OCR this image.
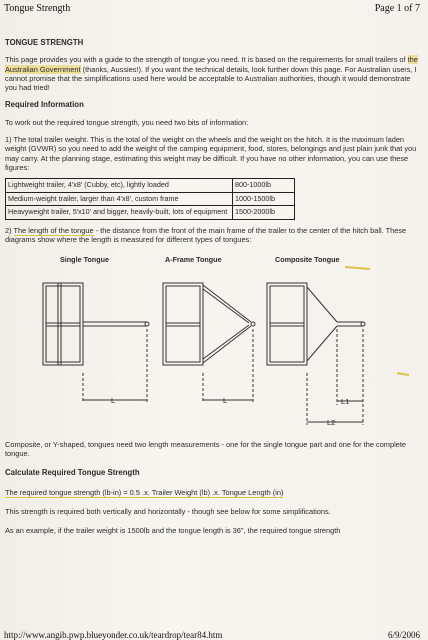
Tongue Strength	Page 1 of 7

TONGUE STRENGTH

This page provides you with a guide to the strength of tongue you need. It is based on the requirements for small trailers of the Australian Government (thanks, Aussies!). If you want the technical details, look further down this page. For Australian users, I cannot promise that the simplifications used here would be acceptable to Australian authorities, though it would demonstrate you had tried!

Required Information

To work out the required tongue strength, you need two bits of information:

1) The total trailer weight. This is the total of the weight on the wheels and the weight on the hitch. It is the maximum laden weight (GVWR) so you need to add the weight of the camping equipment, food, stores, belongings and just plain junk that you may carry. At the planning stage, estimating this weight may be difficult. If you have no other information, you can use these figures:

Lightweight trailer, 4'x8' (Cubby, etc), lightly loaded	800-1000lb
Medium-weight trailer, larger than 4'x8', custom frame	1000-1500lb
Heavyweight trailer, 5'x10' and bigger, heavily-built, lots of equipment	1500-2000lb

2) The length of the tongue - the distance from the front of the main frame of the trailer to the center of the hitch ball. These diagrams show where the length is measured for different types of tongues:

Single Tongue	A-Frame Tongue	Composite Tongue
L	L	L1
L2

Composite, or Y-shaped, tongues need two length measurements - one for the single tongue part and one for the complete tongue.

Calculate Required Tongue Strength

The required tongue strength (lb-in) = 0.5 .x. Trailer Weight (lb) .x. Tongue Length (in)

This strength is required both vertically and horizontally - though see below for some simplifications.

As an example, if the trailer weight is 1500lb and the tongue length is 36", the required tongue strength

http://www.angib.pwp.blueyonder.co.uk/teardrop/tear84.htm	6/9/2006
